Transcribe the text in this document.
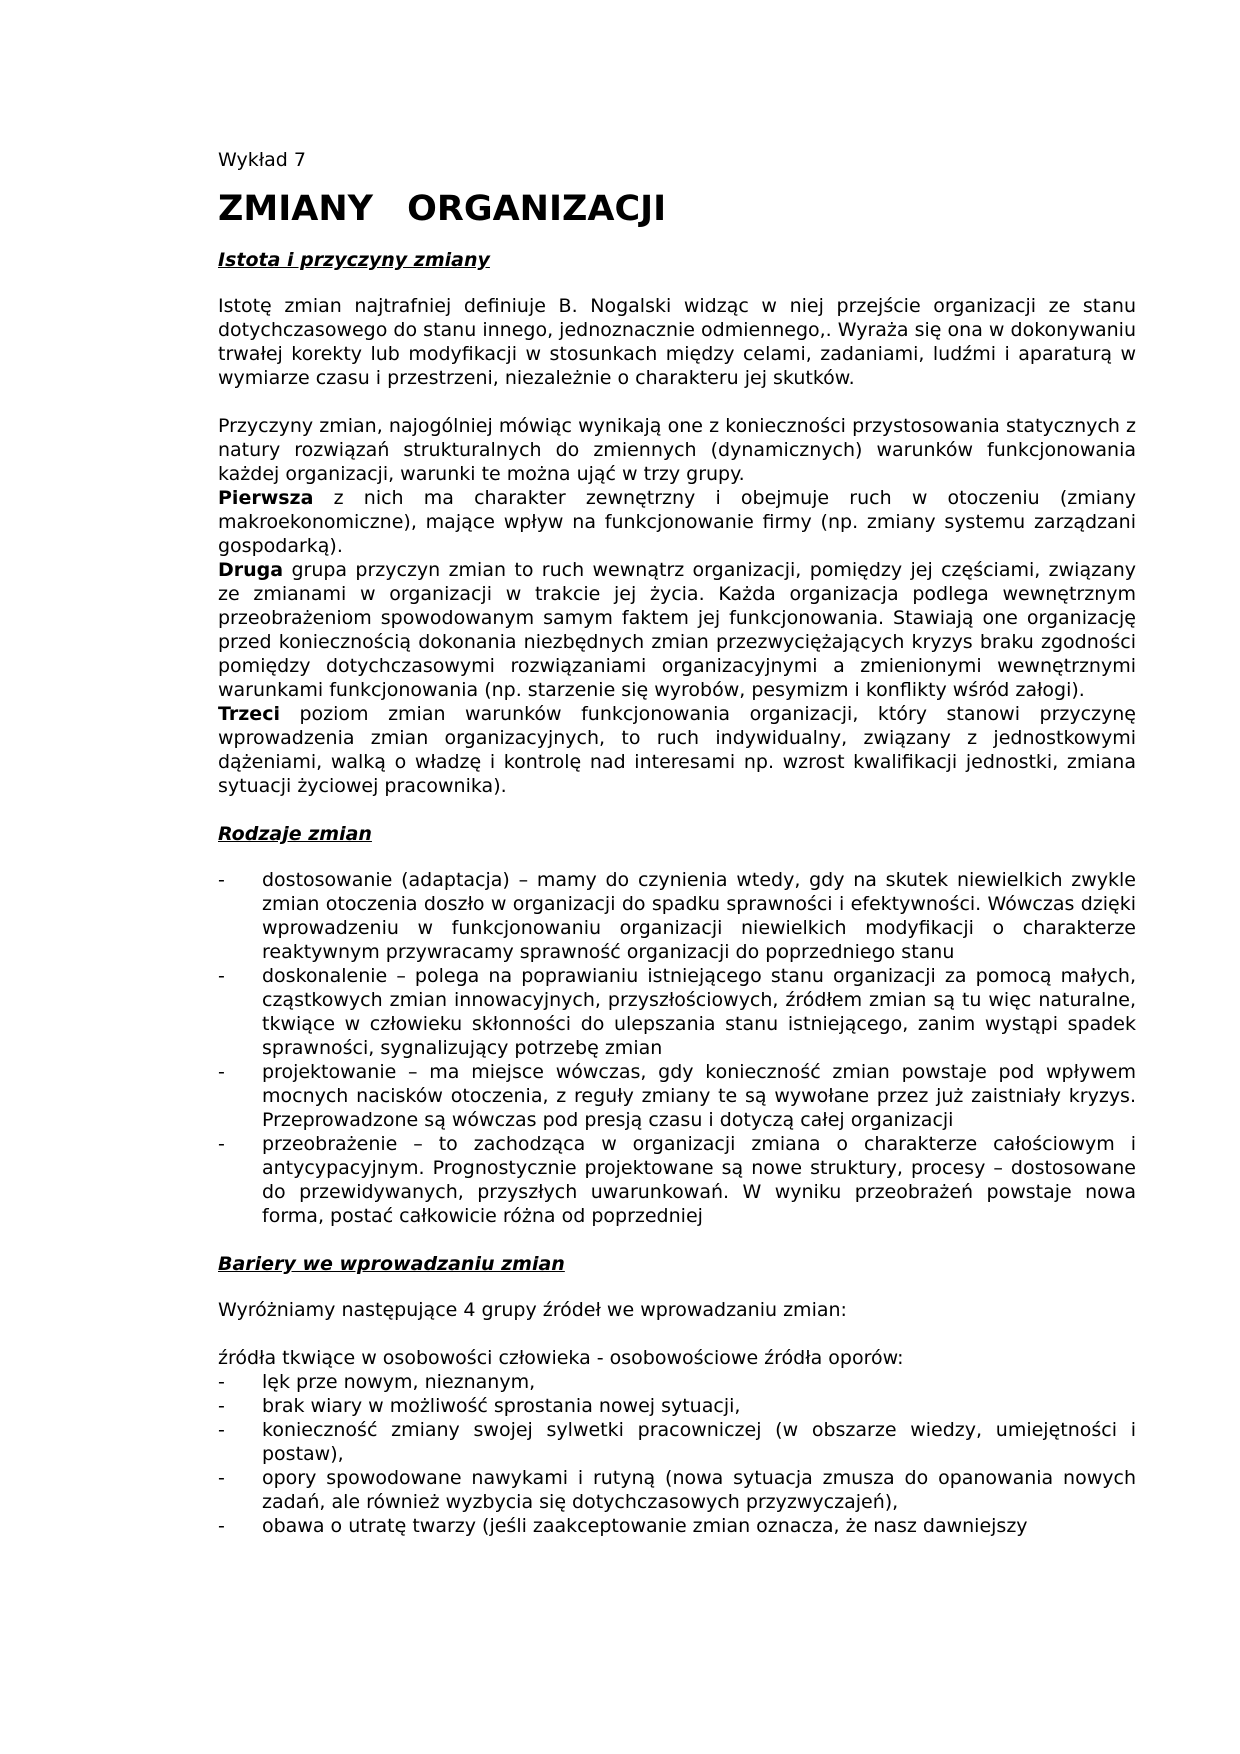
Wykład 7
ZMIANY ORGANIZACJI
Istota i przyczyny zmiany

Istotę zmian najtrafniej definiuje B. Nogalski widząc w niej przejście organizacji ze stanu dotychczasowego do stanu innego, jednoznacznie odmiennego,. Wyraża się ona w dokonywaniu trwałej korekty lub modyfikacji w stosunkach między celami, zadaniami, ludźmi i aparaturą w wymiarze czasu i przestrzeni, niezależnie o charakteru jej skutków.

Przyczyny zmian, najogólniej mówiąc wynikają one z konieczności przystosowania statycznych z natury rozwiązań strukturalnych do zmiennych (dynamicznych) warunków funkcjonowania każdej organizacji, warunki te można ująć w trzy grupy.

Pierwsza z nich ma charakter zewnętrzny i obejmuje ruch w otoczeniu (zmiany makroekonomiczne), mające wpływ na funkcjonowanie firmy (np. zmiany systemu zarządzani gospodarką).

Druga grupa przyczyn zmian to ruch wewnątrz organizacji, pomiędzy jej częściami, związany ze zmianami w organizacji w trakcie jej życia. Każda organizacja podlega wewnętrznym przeobrażeniom spowodowanym samym faktem jej funkcjonowania. Stawiają one organizację przed koniecznością dokonania niezbędnych zmian przezwyciężających kryzys braku zgodności pomiędzy dotychczasowymi rozwiązaniami organizacyjnymi a zmienionymi wewnętrznymi warunkami funkcjonowania (np. starzenie się wyrobów, pesymizm i konflikty wśród załogi).

Trzeci poziom zmian warunków funkcjonowania organizacji, który stanowi przyczynę wprowadzenia zmian organizacyjnych, to ruch indywidualny, związany z jednostkowymi dążeniami, walką o władzę i kontrolę nad interesami np. wzrost kwalifikacji jednostki, zmiana sytuacji życiowej pracownika).

Rodzaje zmian
-	dostosowanie (adaptacja) – mamy do czynienia wtedy, gdy na skutek niewielkich zwykle zmian otoczenia doszło w organizacji do spadku sprawności i efektywności. Wówczas dzięki wprowadzeniu w funkcjonowaniu organizacji niewielkich modyfikacji o charakterze reaktywnym przywracamy sprawność organizacji do poprzedniego stanu
-	doskonalenie – polega na poprawianiu istniejącego stanu organizacji za pomocą małych, cząstkowych zmian innowacyjnych, przyszłościowych, źródłem zmian są tu więc naturalne, tkwiące w człowieku skłonności do ulepszania stanu istniejącego, zanim wystąpi spadek sprawności, sygnalizujący potrzebę zmian
-	projektowanie – ma miejsce wówczas, gdy konieczność zmian powstaje pod wpływem mocnych nacisków otoczenia, z reguły zmiany te są wywołane przez już zaistniały kryzys. Przeprowadzone są wówczas pod presją czasu i dotyczą całej organizacji
-	przeobrażenie – to zachodząca w organizacji zmiana o charakterze całościowym i antycypacyjnym. Prognostycznie projektowane są nowe struktury, procesy – dostosowane do przewidywanych, przyszłych uwarunkowań. W wyniku przeobrażeń powstaje nowa forma, postać całkowicie różna od poprzedniej
Bariery we wprowadzaniu zmian

Wyróżniamy następujące 4 grupy źródeł we wprowadzaniu zmian:

źródła tkwiące w osobowości człowieka - osobowościowe źródła oporów:

-	lęk prze nowym, nieznanym,
-	brak wiary w możliwość sprostania nowej sytuacji,
-	konieczność zmiany swojej sylwetki pracowniczej (w obszarze wiedzy, umiejętności i postaw),
-	opory spowodowane nawykami i rutyną (nowa sytuacja zmusza do opanowania nowych zadań, ale również wyzbycia się dotychczasowych przyzwyczajeń),
-	obawa o utratę twarzy (jeśli zaakceptowanie zmian oznacza, że nasz dawniejszy
